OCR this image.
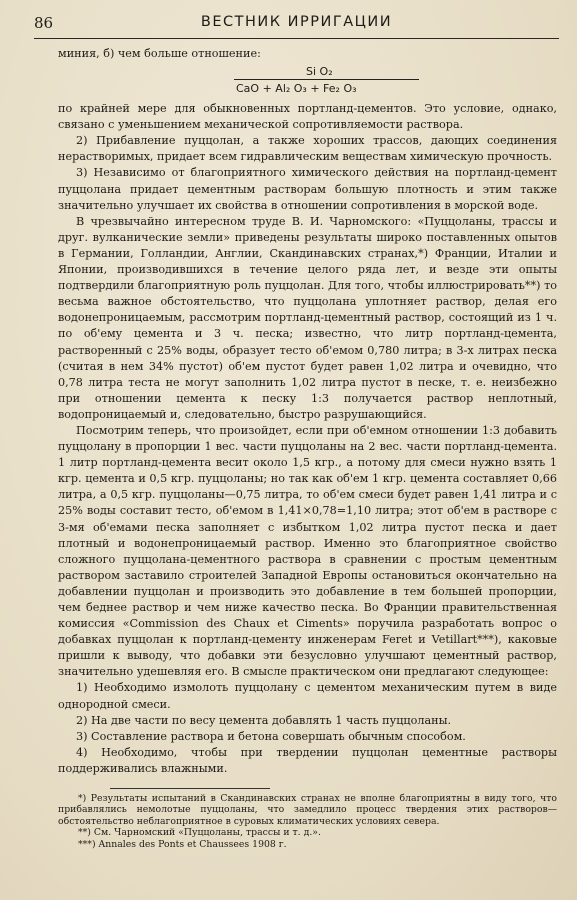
86	ВЕСТНИК ИРРИГАЦИИ

миния, б) чем больше отношение:

Si O₂
CaO + Al₂ O₃ + Fe₂ O₃

по крайней мере для обыкновенных портланд-цементов. Это условие, однако, связано с уменьшением механической сопротивляемости раствора.

2) Прибавление пуццолан, а также хороших трассов, дающих соединения нерастворимых, придает всем гидравлическим веществам химическую прочность.

3) Независимо от благоприятного химического действия на портланд-цемент пуццолана придает цементным растворам большую плотность и этим также значительно улучшает их свойства в отношении сопротивления в морской воде.

В чрезвычайно интересном труде В. И. Чарномского: «Пуццоланы, трассы и друг. вулканические земли» приведены результаты широко поставленных опытов в Германии, Голландии, Англии, Скандинавских странах,*) Франции, Италии и Японии, производившихся в течение целого ряда лет, и везде эти опыты подтвердили благоприятную роль пуццолан. Для того, чтобы иллюстрировать**) то весьма важное обстоятельство, что пуццолана уплотняет раствор, делая его водонепроницаемым, рассмотрим портланд-цементный раствор, состоящий из 1 ч. по об'ему цемента и 3 ч. песка; известно, что литр портланд-цемента, растворенный с 25% воды, образует тесто об'емом 0,780 литра; в 3-х литрах песка (считая в нем 34% пустот) об'ем пустот будет равен 1,02 литра и очевидно, что 0,78 литра теста не могут заполнить 1,02 литра пустот в песке, т. е. неизбежно при отношении цемента к песку 1:3 получается раствор неплотный, водопроницаемый и, следовательно, быстро разрушающийся.

Посмотрим теперь, что произойдет, если при об'емном отношении 1:3 добавить пуццолану в пропорции 1 вес. части пуццоланы на 2 вес. части портланд-цемента. 1 литр портланд-цемента весит около 1,5 кгр., а потому для смеси нужно взять 1 кгр. цемента и 0,5 кгр. пуццоланы; но так как об'ем 1 кгр. цемента составляет 0,66 литра, а 0,5 кгр. пуццоланы—0,75 литра, то об'ем смеси будет равен 1,41 литра и с 25% воды составит тесто, об'емом в 1,41×0,78=1,10 литра; этот об'ем в растворе с 3-мя об'емами песка заполняет с избытком 1,02 литра пустот песка и дает плотный и водонепроницаемый раствор. Именно это благоприятное свойство сложного пуццолана-цементного раствора в сравнении с простым цементным раствором заставило строителей Западной Европы остановиться окончательно на добавлении пуццолан и производить это добавление в тем большей пропорции, чем беднее раствор и чем ниже качество песка. Во Франции правительственная комиссия «Commission des Chaux et Ciments» поручила разработать вопрос о добавках пуццолан к портланд-цементу инженерам Feret и Vetillart***), каковые пришли к выводу, что добавки эти безусловно улучшают цементный раствор, значительно удешевляя его. В смысле практическом они предлагают следующее:

1) Необходимо измолоть пуццолану с цементом механическим путем в виде однородной смеси.

2) На две части по весу цемента добавлять 1 часть пуццоланы.

3) Составление раствора и бетона совершать обычным способом.

4) Необходимо, чтобы при твердении пуццолан цементные растворы поддерживались влажными.

*) Результаты испытаний в Скандинавских странах не вполне благоприятны в виду того, что прибавлялись немолотые пуццоланы, что замедлило процесс твердения этих растворов—обстоятельство неблагоприятное в суровых климатических условиях севера.

**) См. Чарномский «Пуццоланы, трассы и т. д.».

***) Annales des Ponts et Chaussees 1908 г.
